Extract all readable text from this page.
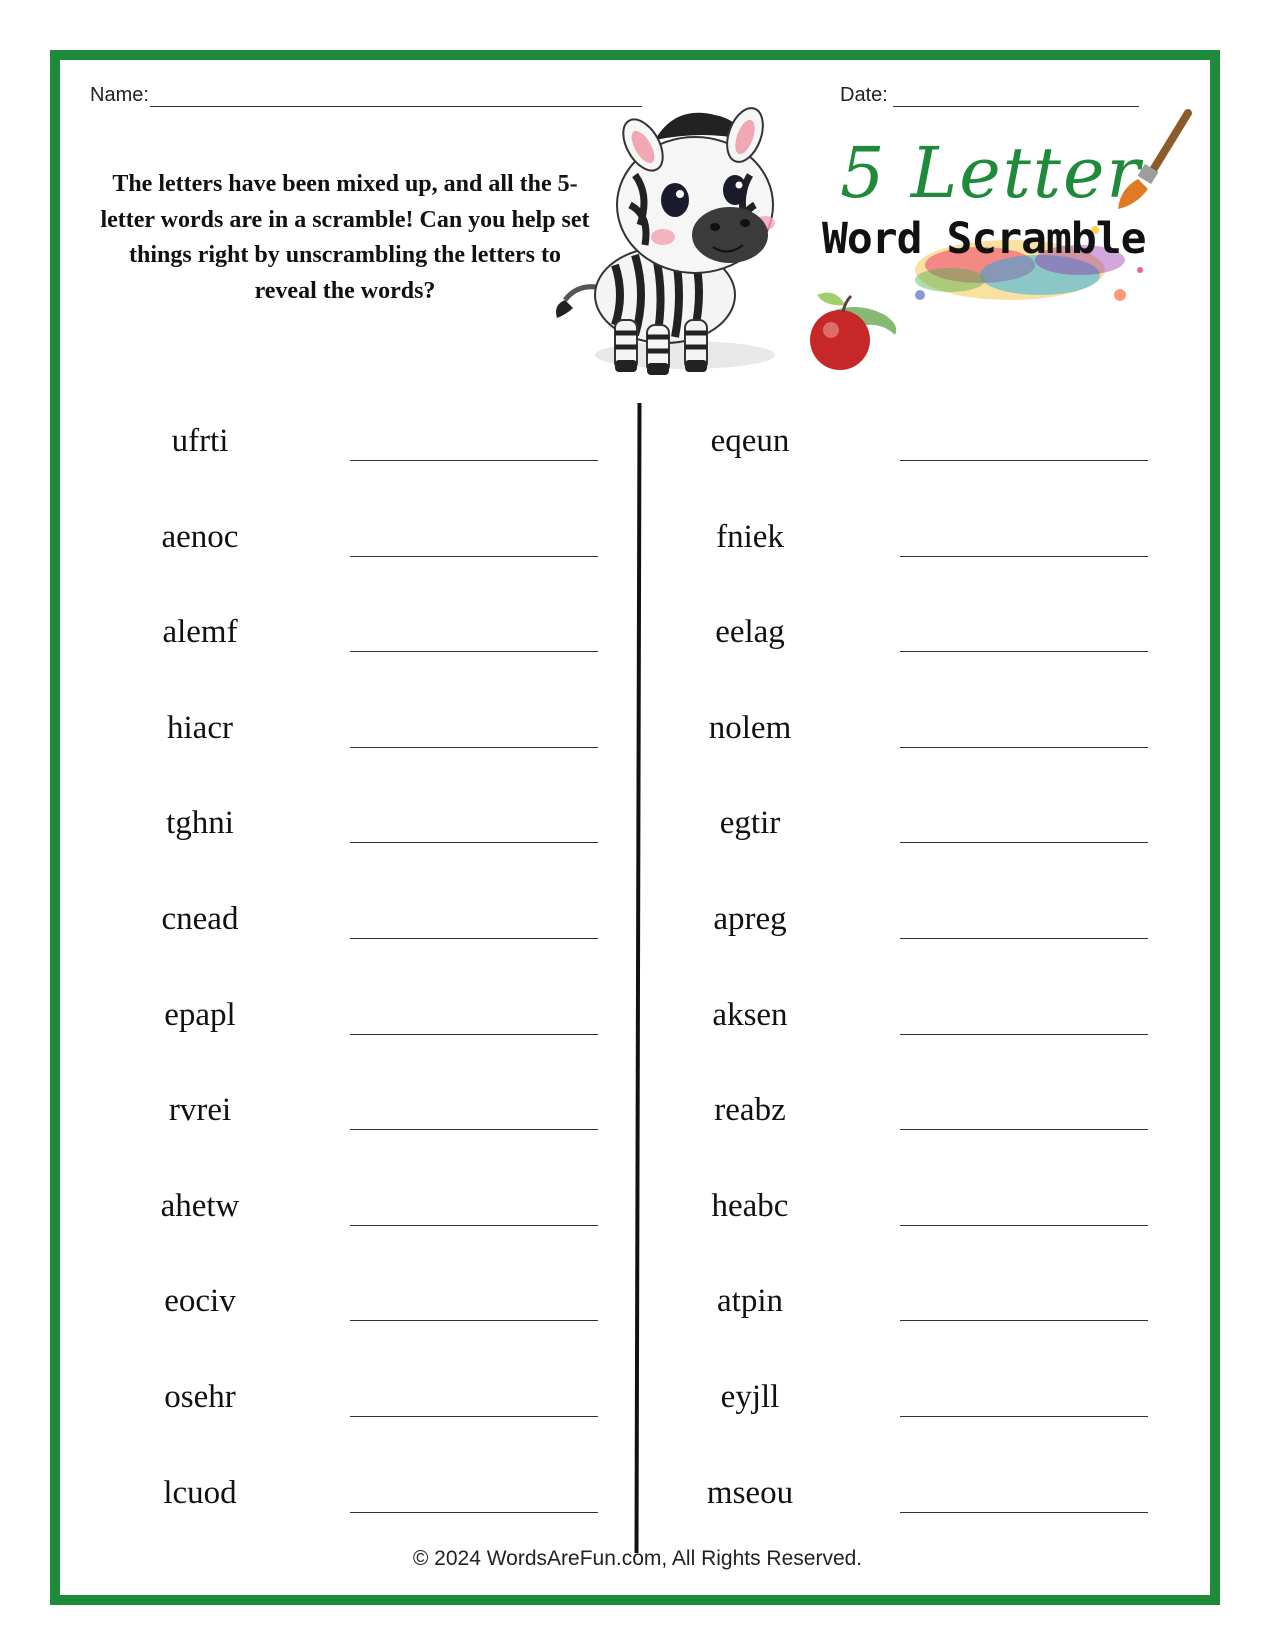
Name:	Date:
The letters have been mixed up, and all the 5-letter words are in a scramble! Can you help set things right by unscrambling the letters to reveal the words?
5 Letter
Word Scramble
ufrti
aenoc
alemf
hiacr
tghni
cnead
epapl
rvrei
ahetw
eociv
osehr
lcuod
eqeun
fniek
eelag
nolem
egtir
apreg
aksen
reabz
heabc
atpin
eyjll
mseou
© 2024 WordsAreFun.com, All Rights Reserved.
